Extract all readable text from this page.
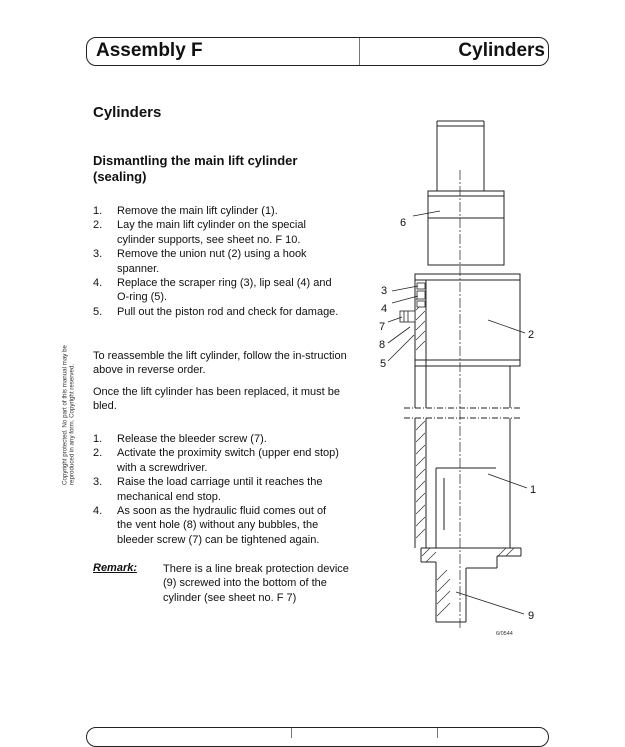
Assembly F	Cylinders
Cylinders
Dismantling the main lift cylinder (sealing)
1.	Remove the main lift cylinder (1).
2.	Lay the main lift cylinder on the special cylinder supports, see sheet no. F 10.
3.	Remove the union nut (2) using a hook spanner.
4.	Replace the scraper ring (3), lip seal (4) and O-ring (5).
5.	Pull out the piston rod and check for damage.

To reassemble the lift cylinder, follow the in-struction above in reverse order.

Once the lift cylinder has been replaced, it must be bled.

1.	Release the bleeder screw (7).
2.	Activate the proximity switch (upper end stop) with a screwdriver.
3.	Raise the load carriage until it reaches the mechanical end stop.
4.	As soon as the hydraulic fluid comes out of the vent hole (8) without any bubbles, the bleeder screw (7) can be tightened again.
Remark: There is a line break protection device (9) screwed into the bottom of the cylinder (see sheet no. F 7)

Copyright protected. No part of this manual may be reproduced in any form. Copyright reserved.
6
3
4
7
8
5
2
1
9
6/0544
